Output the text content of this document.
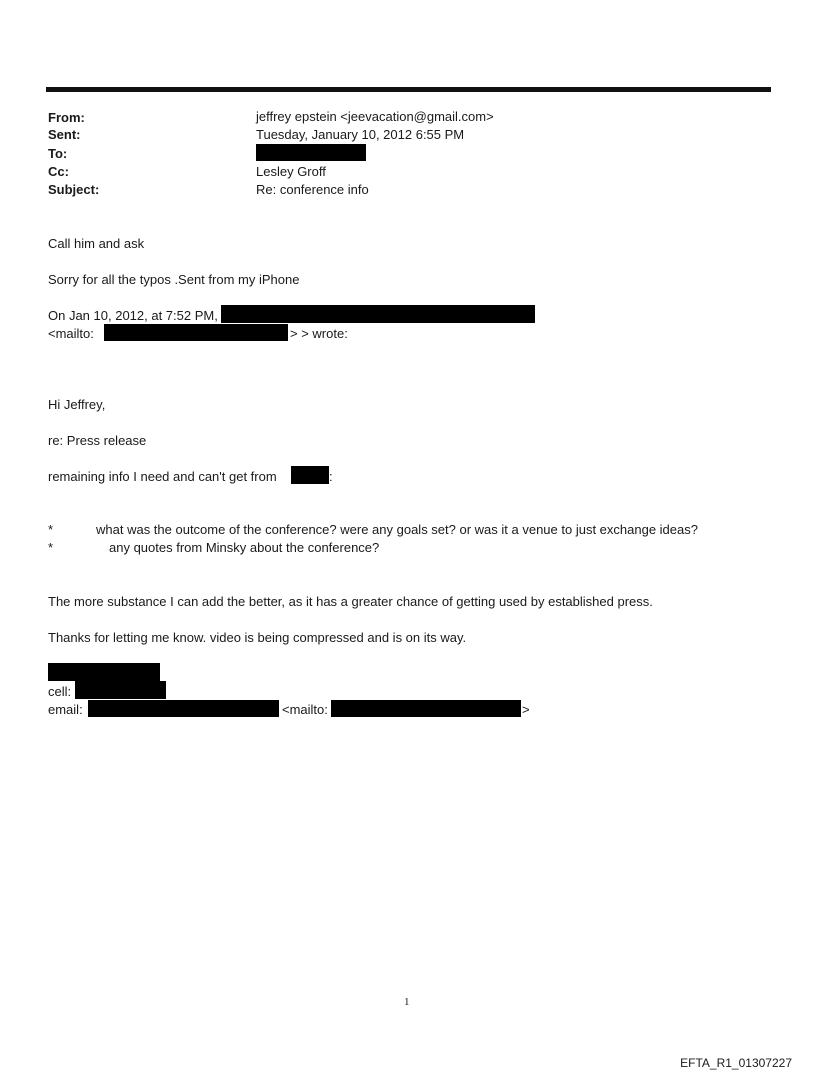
From:	jeffrey epstein <jeevacation@gmail.com>
Sent:	Tuesday, January 10, 2012 6:55 PM
To:
Cc:	Lesley Groff
Subject:	Re: conference info
Call him and ask
Sorry for all the typos .Sent from my iPhone
On Jan 10, 2012, at 7:52 PM,
<mailto:	> > wrote:
Hi Jeffrey,
re: Press release
remaining info I need and can't get from	:
*	what was the outcome of the conference? were any goals set? or was it a venue to just exchange ideas?
*	any quotes from Minsky about the conference?
The more substance I can add the better, as it has a greater chance of getting used by established press.
Thanks for letting me know. video is being compressed and is on its way.
cell:
email:	<mailto:	>
1
EFTA_R1_01307227
